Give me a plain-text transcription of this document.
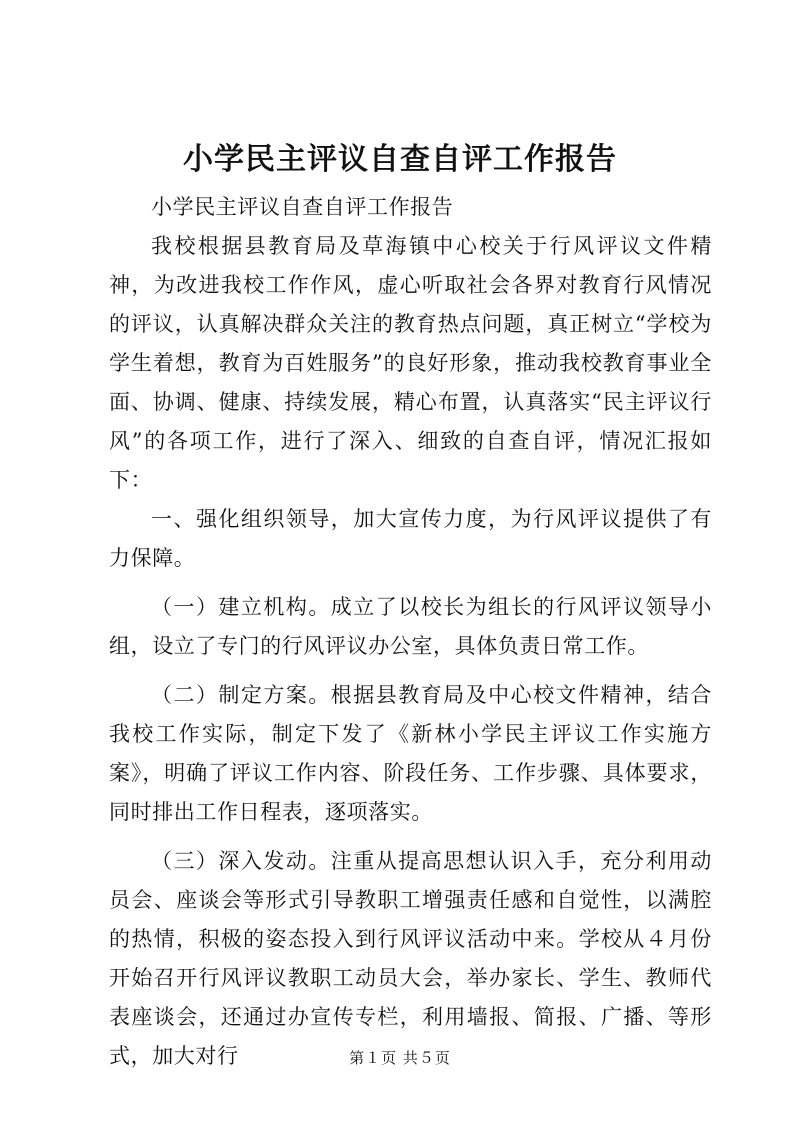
小学民主评议自查自评工作报告

小学民主评议自查自评工作报告

我校根据县教育局及草海镇中心校关于行风评议文件精神，为改进我校工作作风，虚心听取社会各界对教育行风情况的评议，认真解决群众关注的教育热点问题，真正树立“学校为学生着想，教育为百姓服务”的良好形象，推动我校教育事业全面、协调、健康、持续发展，精心布置，认真落实“民主评议行风”的各项工作，进行了深入、细致的自查自评，情况汇报如下：

一、强化组织领导，加大宣传力度，为行风评议提供了有力保障。

（一）建立机构。成立了以校长为组长的行风评议领导小组，设立了专门的行风评议办公室，具体负责日常工作。

（二）制定方案。根据县教育局及中心校文件精神，结合我校工作实际，制定下发了《新林小学民主评议工作实施方案》，明确了评议工作内容、阶段任务、工作步骤、具体要求，同时排出工作日程表，逐项落实。

（三）深入发动。注重从提高思想认识入手，充分利用动员会、座谈会等形式引导教职工增强责任感和自觉性，以满腔的热情，积极的姿态投入到行风评议活动中来。学校从４月份开始召开行风评议教职工动员大会，举办家长、学生、教师代表座谈会，还通过办宣传专栏，利用墙报、简报、广播、等形式，加大对行	第１页 共５页
